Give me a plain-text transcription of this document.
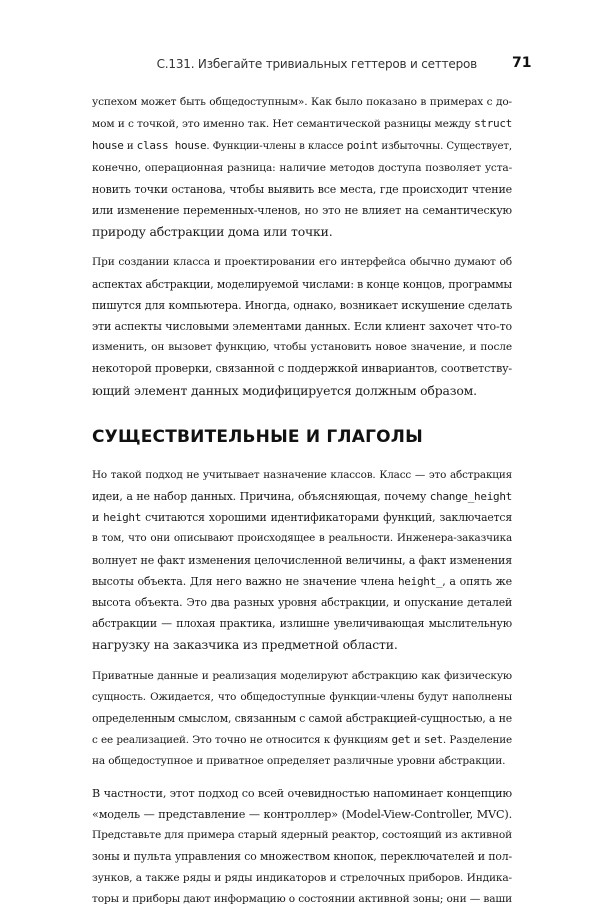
С.131. Избегайте тривиальных геттеров и сеттеров	71
успехом может быть общедоступным». Как было показано в примерах с до-
мом и с точкой, это именно так. Нет семантической разницы между struct
house и class house. Функции-члены в классе point избыточны. Существует,
конечно, операционная разница: наличие методов доступа позволяет уста-
новить точки останова, чтобы выявить все места, где происходит чтение
или изменение переменных-членов, но это не влияет на семантическую
природу абстракции дома или точки.
При создании класса и проектировании его интерфейса обычно думают об
аспектах абстракции, моделируемой числами: в конце концов, программы
пишутся для компьютера. Иногда, однако, возникает искушение сделать
эти аспекты числовыми элементами данных. Если клиент захочет что-то
изменить, он вызовет функцию, чтобы установить новое значение, и после
некоторой проверки, связанной с поддержкой инвариантов, соответству-
ющий элемент данных модифицируется должным образом.
СУЩЕСТВИТЕЛЬНЫЕ И ГЛАГОЛЫ
Но такой подход не учитывает назначение классов. Класс — это абстракция
идеи, а не набор данных. Причина, объясняющая, почему change_height
и height считаются хорошими идентификаторами функций, заключается
в том, что они описывают происходящее в реальности. Инженера-заказчика
волнует не факт изменения целочисленной величины, а факт изменения
высоты объекта. Для него важно не значение члена height_, а опять же
высота объекта. Это два разных уровня абстракции, и опускание деталей
абстракции — плохая практика, излишне увеличивающая мыслительную
нагрузку на заказчика из предметной области.
Приватные данные и реализация моделируют абстракцию как физическую
сущность. Ожидается, что общедоступные функции-члены будут наполнены
определенным смыслом, связанным с самой абстракцией-сущностью, а не
с ее реализацией. Это точно не относится к функциям get и set. Разделение
на общедоступное и приватное определяет различные уровни абстракции.
В частности, этот подход со всей очевидностью напоминает концепцию
«модель — представление — контроллер» (Model-View-Controller, MVC).
Представьте для примера старый ядерный реактор, состоящий из активной
зоны и пульта управления со множеством кнопок, переключателей и пол-
зунков, а также ряды и ряды индикаторов и стрелочных приборов. Индика-
торы и приборы дают информацию о состоянии активной зоны; они — ваши
